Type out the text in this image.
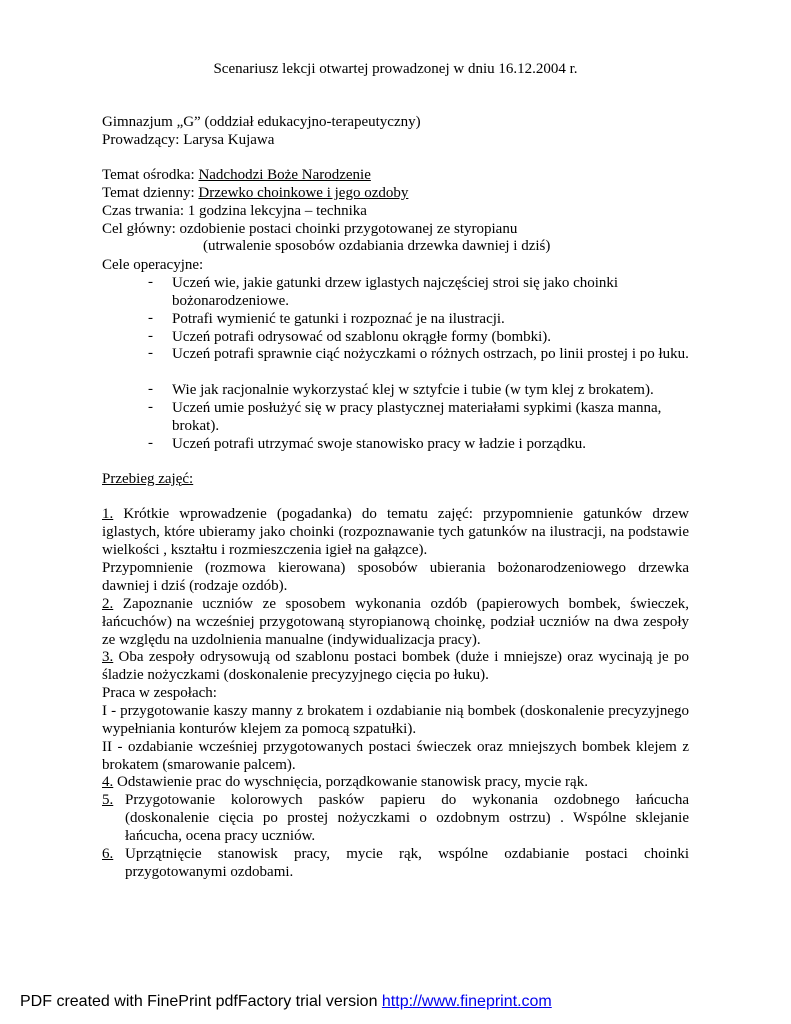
Scenariusz lekcji otwartej prowadzonej w dniu 16.12.2004 r.
Gimnazjum „G” (oddział edukacyjno-terapeutyczny)
Prowadzący: Larysa Kujawa
Temat ośrodka: Nadchodzi Boże Narodzenie
Temat dzienny: Drzewko choinkowe i jego ozdoby
Czas trwania: 1 godzina lekcyjna – technika
Cel główny: ozdobienie postaci choinki przygotowanej ze styropianu
(utrwalenie sposobów ozdabiania drzewka dawniej i dziś)
Cele operacyjne:
- Uczeń wie, jakie gatunki drzew iglastych najczęściej stroi się jako choinki bożonarodzeniowe.
- Potrafi wymienić te gatunki i rozpoznać je na ilustracji.
- Uczeń potrafi odrysować od szablonu okrągłe formy (bombki).
- Uczeń potrafi sprawnie ciąć nożyczkami o różnych ostrzach, po linii prostej i po łuku.
- Wie jak racjonalnie wykorzystać klej w sztyfcie i tubie (w tym klej z brokatem).
- Uczeń umie posłużyć się w pracy plastycznej materiałami sypkimi (kasza manna, brokat).
- Uczeń potrafi utrzymać swoje stanowisko pracy w ładzie i porządku.
Przebieg zajęć:
1. Krótkie wprowadzenie (pogadanka) do tematu zajęć: przypomnienie gatunków drzew iglastych, które ubieramy jako choinki (rozpoznawanie tych gatunków na ilustracji, na podstawie wielkości , kształtu i rozmieszczenia igieł na gałązce).
Przypomnienie (rozmowa kierowana) sposobów ubierania bożonarodzeniowego drzewka dawniej i dziś (rodzaje ozdób).
2. Zapoznanie uczniów ze sposobem wykonania ozdób (papierowych bombek, świeczek, łańcuchów) na wcześniej przygotowaną styropianową choinkę, podział uczniów na dwa zespoły ze względu na uzdolnienia manualne (indywidualizacja pracy).
3. Oba zespoły odrysowują od szablonu postaci bombek (duże i mniejsze) oraz wycinają je po śladzie nożyczkami (doskonalenie precyzyjnego cięcia po łuku).
Praca w zespołach:
I - przygotowanie kaszy manny z brokatem i ozdabianie nią bombek (doskonalenie precyzyjnego wypełniania konturów klejem za pomocą szpatułki).
II - ozdabianie wcześniej przygotowanych postaci świeczek oraz mniejszych bombek klejem z brokatem (smarowanie palcem).
4. Odstawienie prac do wyschnięcia, porządkowanie stanowisk pracy, mycie rąk.
5. Przygotowanie kolorowych pasków papieru do wykonania ozdobnego łańcucha (doskonalenie cięcia po prostej nożyczkami o ozdobnym ostrzu) . Wspólne sklejanie łańcucha, ocena pracy uczniów.
6. Uprzątnięcie stanowisk pracy, mycie rąk, wspólne ozdabianie postaci choinki przygotowanymi ozdobami.
PDF created with FinePrint pdfFactory trial version http://www.fineprint.com
